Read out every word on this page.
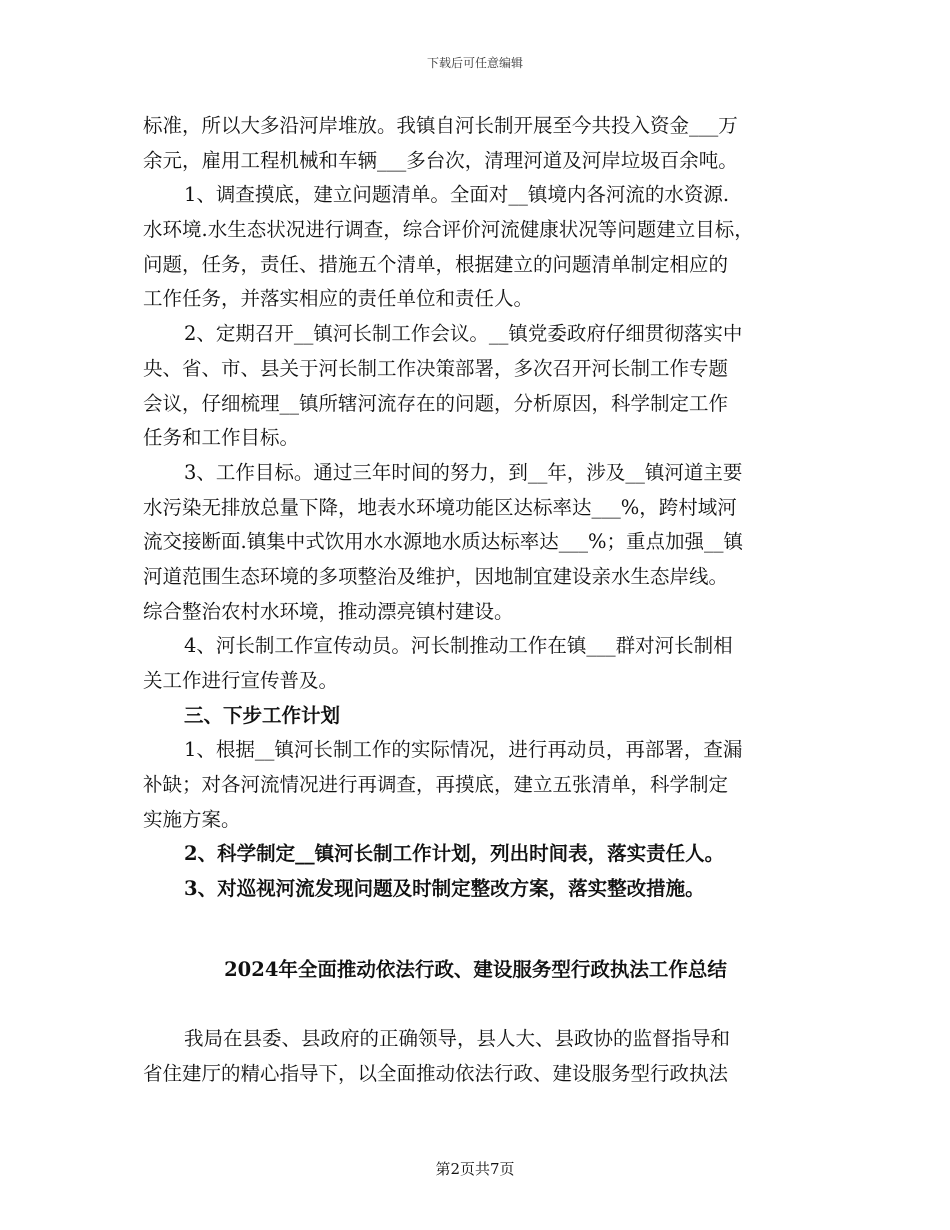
下载后可任意编辑
标准，所以大多沿河岸堆放。我镇自河长制开展至今共投入资金___万
余元，雇用工程机械和车辆___多台次，清理河道及河岸垃圾百余吨。
1、调查摸底，建立问题清单。全面对__镇境内各河流的水资源.
水环境.水生态状况进行调查，综合评价河流健康状况等问题建立目标，
问题，任务，责任、措施五个清单，根据建立的问题清单制定相应的
工作任务，并落实相应的责任单位和责任人。
2、定期召开__镇河长制工作会议。__镇党委政府仔细贯彻落实中
央、省、市、县关于河长制工作决策部署，多次召开河长制工作专题
会议，仔细梳理__镇所辖河流存在的问题，分析原因，科学制定工作
任务和工作目标。
3、工作目标。通过三年时间的努力，到__年，涉及__镇河道主要
水污染无排放总量下降，地表水环境功能区达标率达___%，跨村域河
流交接断面.镇集中式饮用水水源地水质达标率达___%；重点加强__镇
河道范围生态环境的多项整治及维护，因地制宜建设亲水生态岸线。
综合整治农村水环境，推动漂亮镇村建设。
4、河长制工作宣传动员。河长制推动工作在镇___群对河长制相
关工作进行宣传普及。
三、下步工作计划
1、根据__镇河长制工作的实际情况，进行再动员，再部署，查漏
补缺；对各河流情况进行再调查，再摸底，建立五张清单，科学制定
实施方案。
2、科学制定__镇河长制工作计划，列出时间表，落实责任人。
3、对巡视河流发现问题及时制定整改方案，落实整改措施。
2024年全面推动依法行政、建设服务型行政执法工作总结
我局在县委、县政府的正确领导，县人大、县政协的监督指导和
省住建厅的精心指导下，以全面推动依法行政、建设服务型行政执法
第2页共7页
